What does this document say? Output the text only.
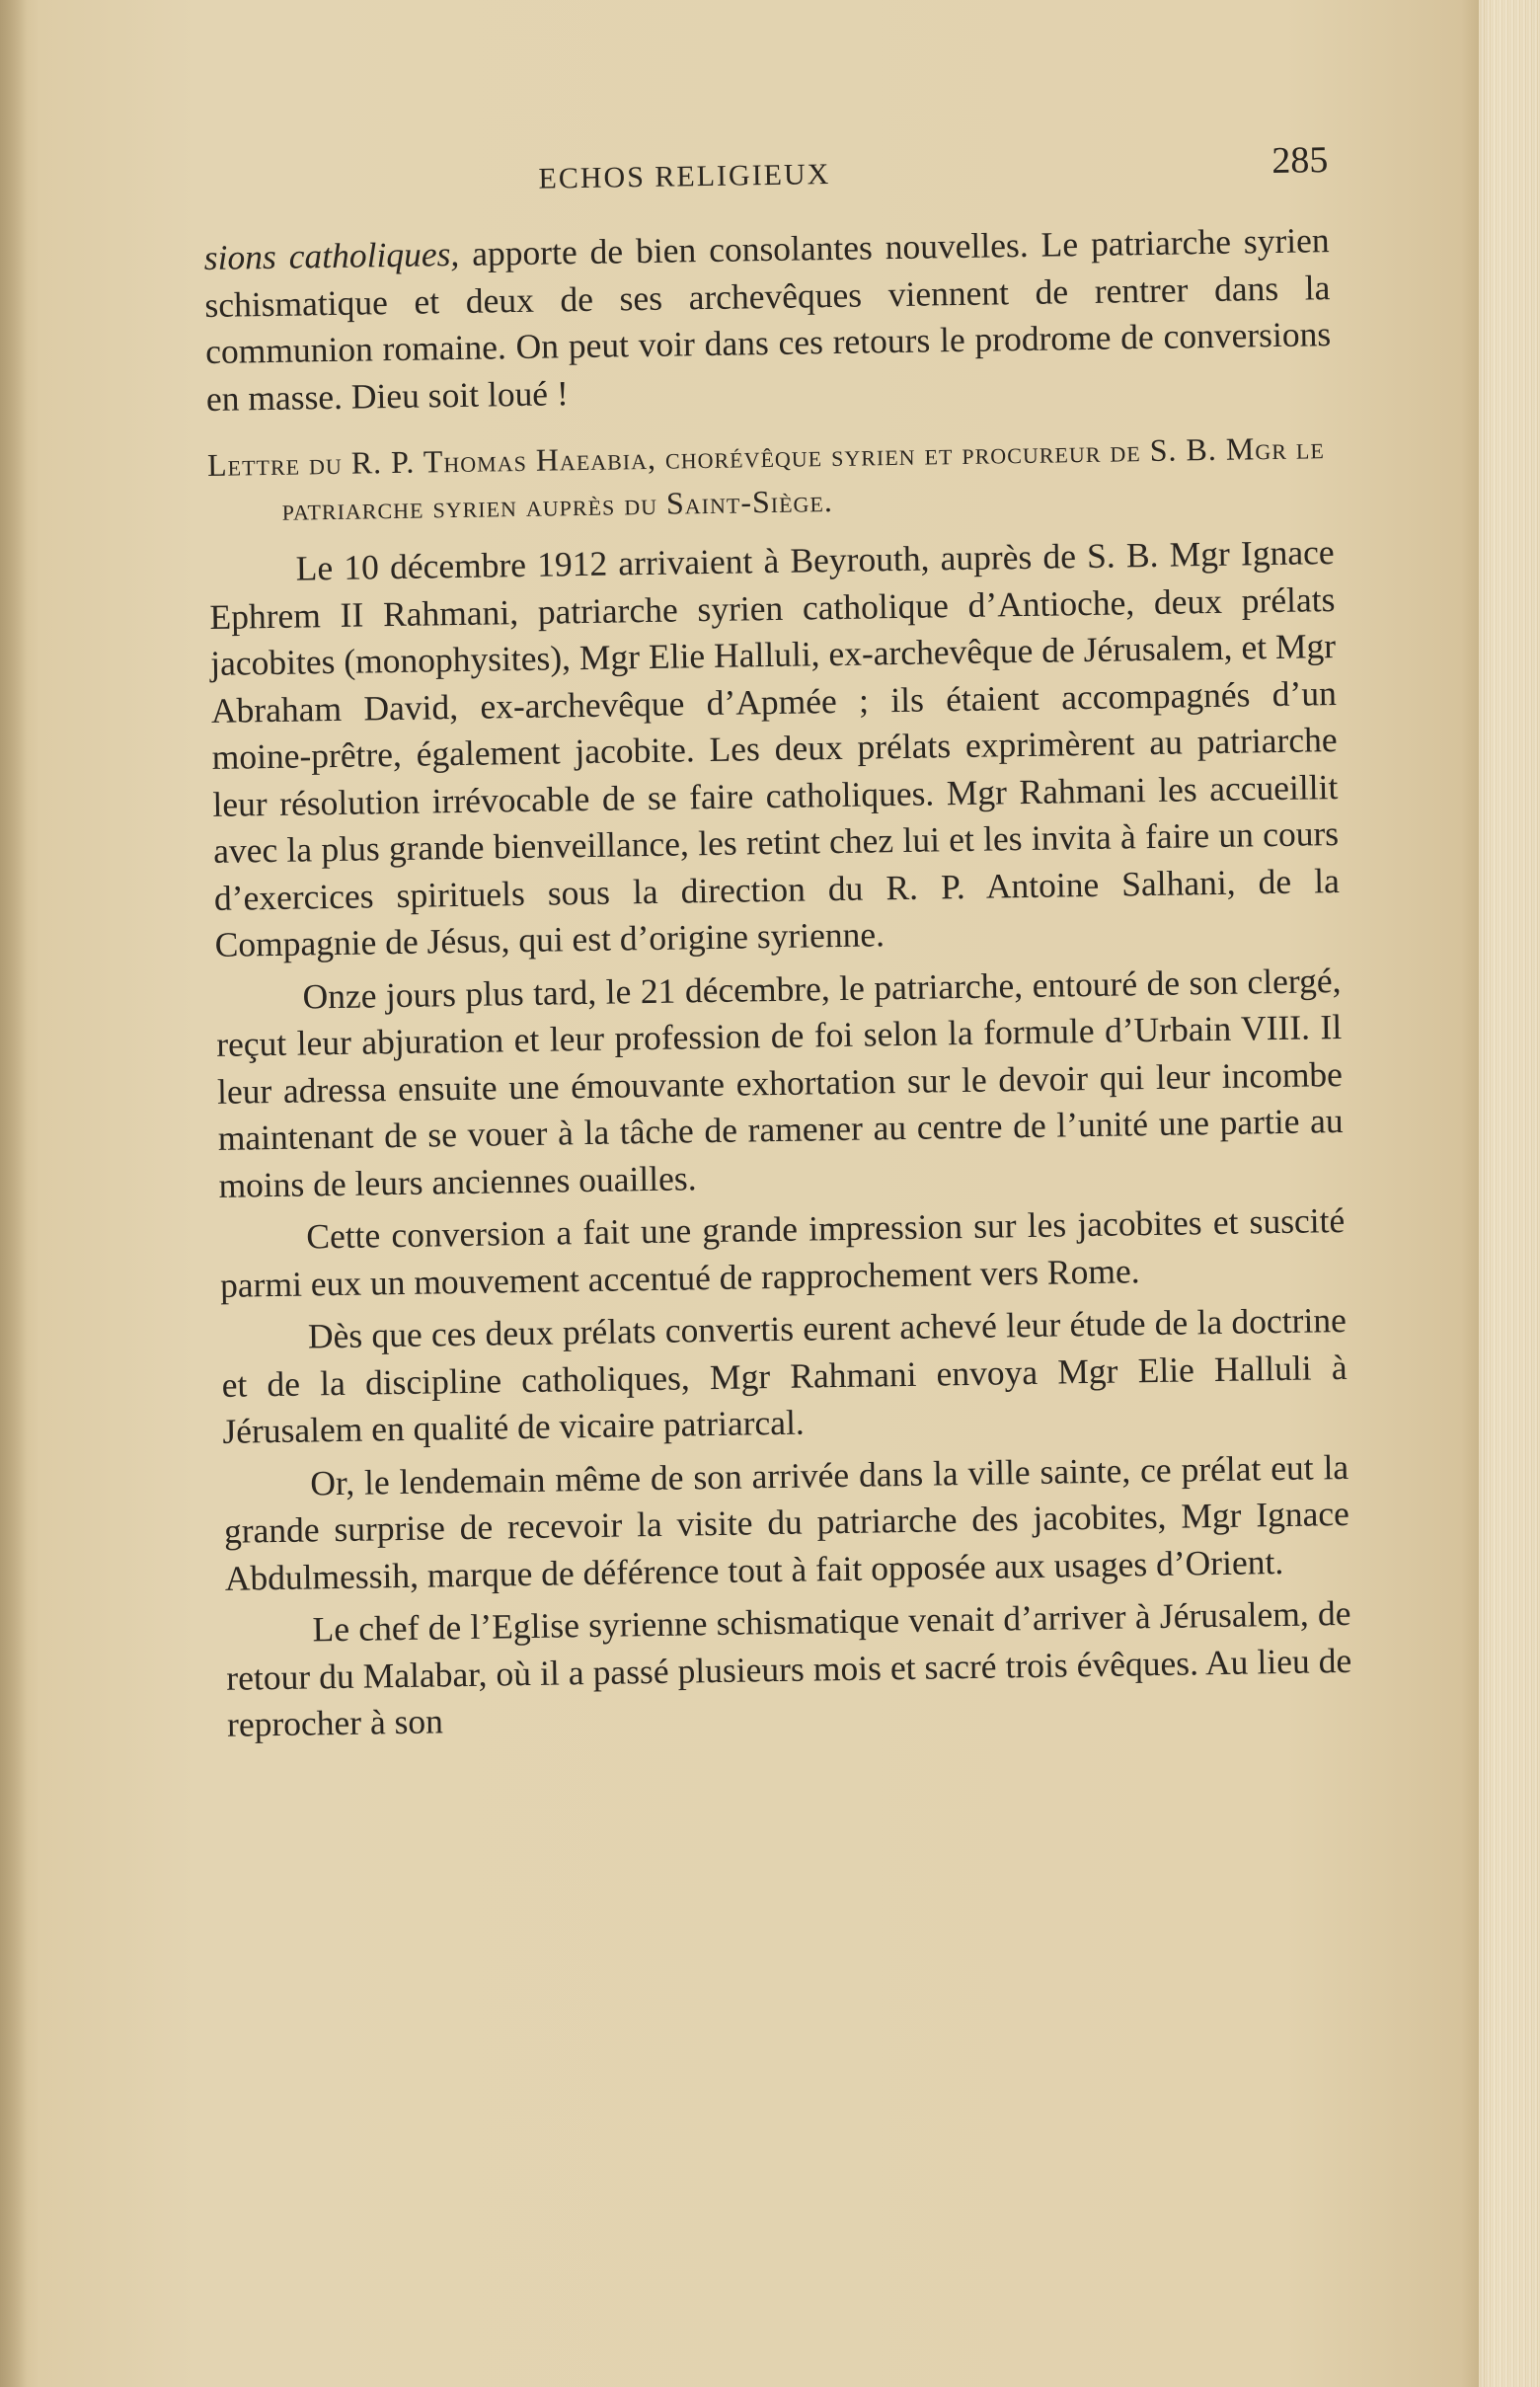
ECHOS RELIGIEUX	285

sions catholiques, apporte de bien consolantes nouvelles. Le patriarche syrien schismatique et deux de ses archevêques viennent de rentrer dans la communion romaine. On peut voir dans ces retours le prodrome de conversions en masse. Dieu soit loué !

Lettre du R. P. Thomas Haeabia, chorévêque syrien et procureur de S. B. Mgr le patriarche syrien auprès du Saint-Siège.

Le 10 décembre 1912 arrivaient à Beyrouth, auprès de S. B. Mgr Ignace Ephrem II Rahmani, patriarche syrien catholique d’Antioche, deux prélats jacobites (monophysites), Mgr Elie Halluli, ex-archevêque de Jérusalem, et Mgr Abraham David, ex-archevêque d’Apmée ; ils étaient accompagnés d’un moine-prêtre, également jacobite. Les deux prélats exprimèrent au patriarche leur résolution irrévocable de se faire catholiques. Mgr Rahmani les accueillit avec la plus grande bienveillance, les retint chez lui et les invita à faire un cours d’exercices spirituels sous la direction du R. P. Antoine Salhani, de la Compagnie de Jésus, qui est d’origine syrienne.

Onze jours plus tard, le 21 décembre, le patriarche, entouré de son clergé, reçut leur abjuration et leur profession de foi selon la formule d’Urbain VIII. Il leur adressa ensuite une émouvante exhortation sur le devoir qui leur incombe maintenant de se vouer à la tâche de ramener au centre de l’unité une partie au moins de leurs anciennes ouailles.

Cette conversion a fait une grande impression sur les jacobites et suscité parmi eux un mouvement accentué de rapprochement vers Rome.

Dès que ces deux prélats convertis eurent achevé leur étude de la doctrine et de la discipline catholiques, Mgr Rahmani envoya Mgr Elie Halluli à Jérusalem en qualité de vicaire patriarcal.

Or, le lendemain même de son arrivée dans la ville sainte, ce prélat eut la grande surprise de recevoir la visite du patriarche des jacobites, Mgr Ignace Abdulmessih, marque de déférence tout à fait opposée aux usages d’Orient.

Le chef de l’Eglise syrienne schismatique venait d’arriver à Jérusalem, de retour du Malabar, où il a passé plusieurs mois et sacré trois évêques. Au lieu de reprocher à son
